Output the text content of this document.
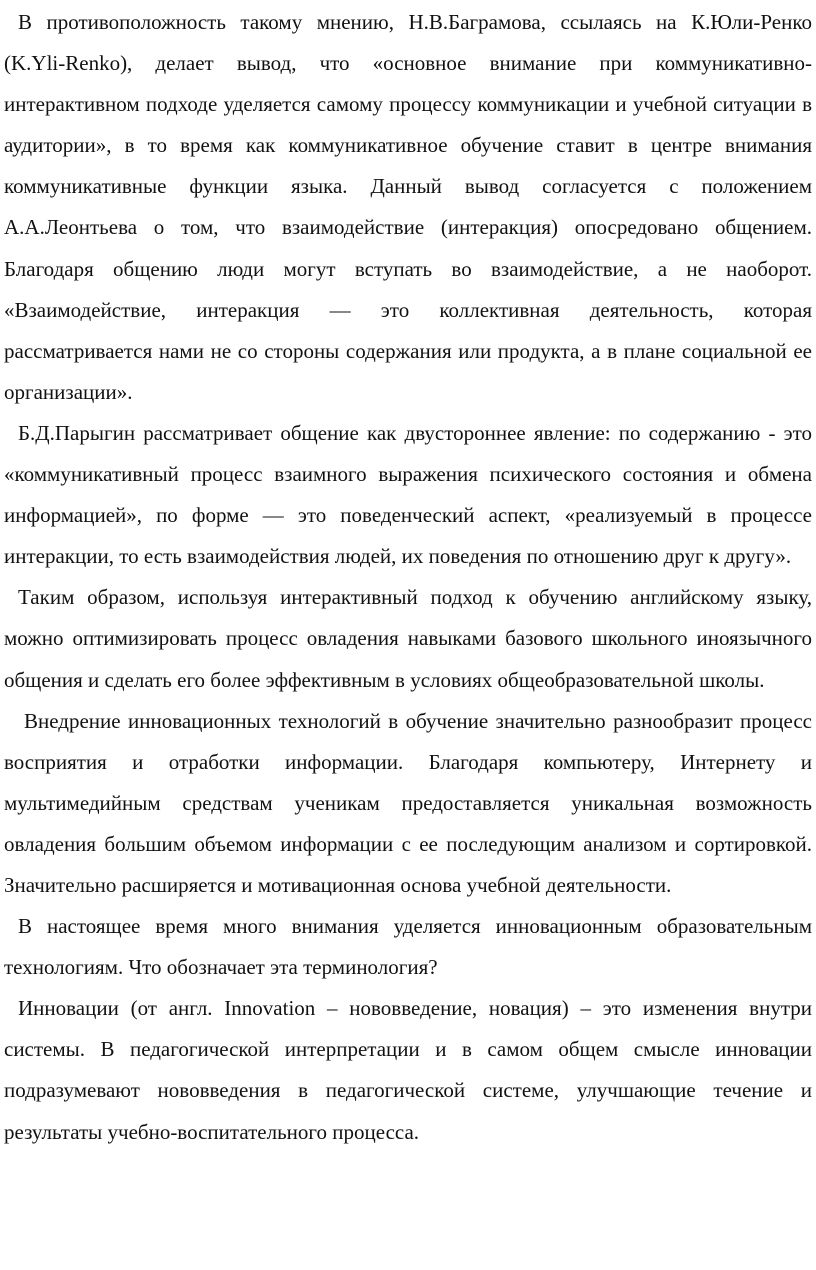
В противоположность такому мнению, Н.В.Баграмова, ссылаясь на К.Юли-Ренко (K.Yli-Renko), делает вывод, что «основное внимание при коммуникативно-интерактивном подходе уделяется самому процессу коммуникации и учебной ситуации в аудитории», в то время как коммуникативное обучение ставит в центре внимания коммуникативные функции языка. Данный вывод согласуется с положением А.А.Леонтьева о том, что взаимодействие (интеракция) опосредовано общением. Благодаря общению люди могут вступать во взаимодействие, а не наоборот. «Взаимодействие, интеракция — это коллективная деятельность, которая рассматривается нами не со стороны содержания или продукта, а в плане социальной ее организации».

Б.Д.Парыгин рассматривает общение как двустороннее явление: по содержанию - это «коммуникативный процесс взаимного выражения психического состояния и обмена информацией», по форме — это поведенческий аспект, «реализуемый в процессе интеракции, то есть взаимодействия людей, их поведения по отношению друг к другу».

Таким образом, используя интерактивный подход к обучению английскому языку, можно оптимизировать процесс овладения навыками базового школьного иноязычного общения и сделать его более эффективным в условиях общеобразовательной школы.

Внедрение инновационных технологий в обучение значительно разнообразит процесс восприятия и отработки информации. Благодаря компьютеру, Интернету и мультимедийным средствам ученикам предоставляется уникальная возможность овладения большим объемом информации с ее последующим анализом и сортировкой. Значительно расширяется и мотивационная основа учебной деятельности.

В настоящее время много внимания уделяется инновационным образовательным технологиям. Что обозначает эта терминология?

Инновации (от англ. Innovation – нововведение, новация) – это изменения внутри системы. В педагогической интерпретации и в самом общем смысле инновации подразумевают нововведения в педагогической системе, улучшающие течение и результаты учебно-воспитательного процесса.
